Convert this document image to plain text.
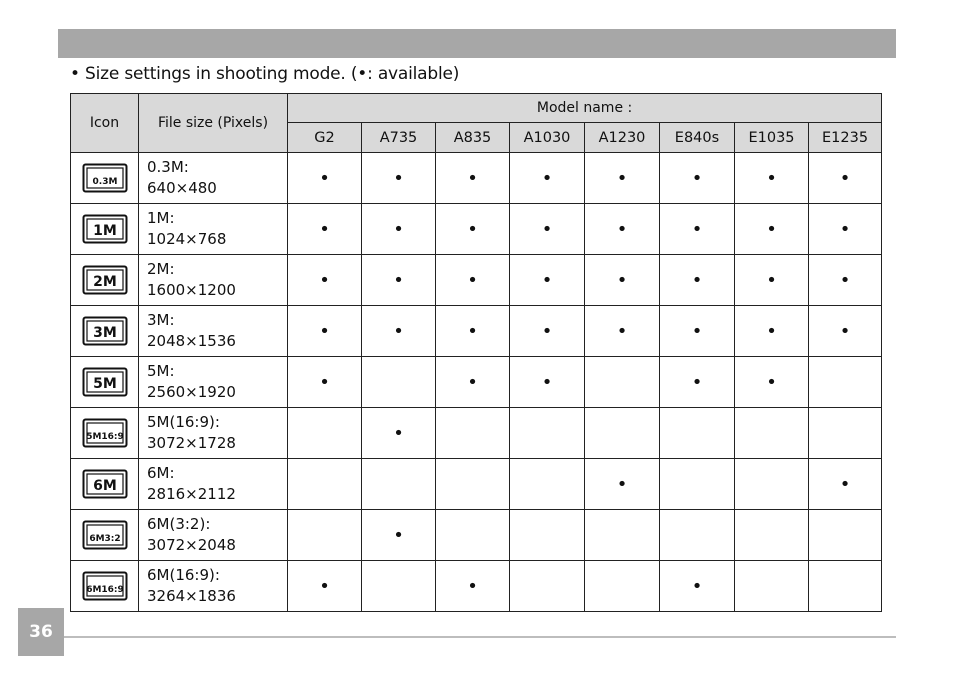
• Size settings in shooting mode. (•: available)
Icon	File size (Pixels)	Model name :							
		G2	A735	A835	A1030	A1230	E840s	E1035	E1235

0.3M	0.3M:
640×480	•	•	•	•	•	•	•	•

1M	1M:
1024×768	•	•	•	•	•	•	•	•

2M	2M:
1600×1200	•	•	•	•	•	•	•	•

3M	3M:
2048×1536	•	•	•	•	•	•	•	•

5M	5M:
2560×1920	•		•	•		•	•	

5M16:9	5M(16:9):
3072×1728		•						

6M	6M:
2816×2112					•			•

6M3:2	6M(3:2):
3072×2048		•						

6M16:9	6M(16:9):
3264×1836	•		•			•		
36
